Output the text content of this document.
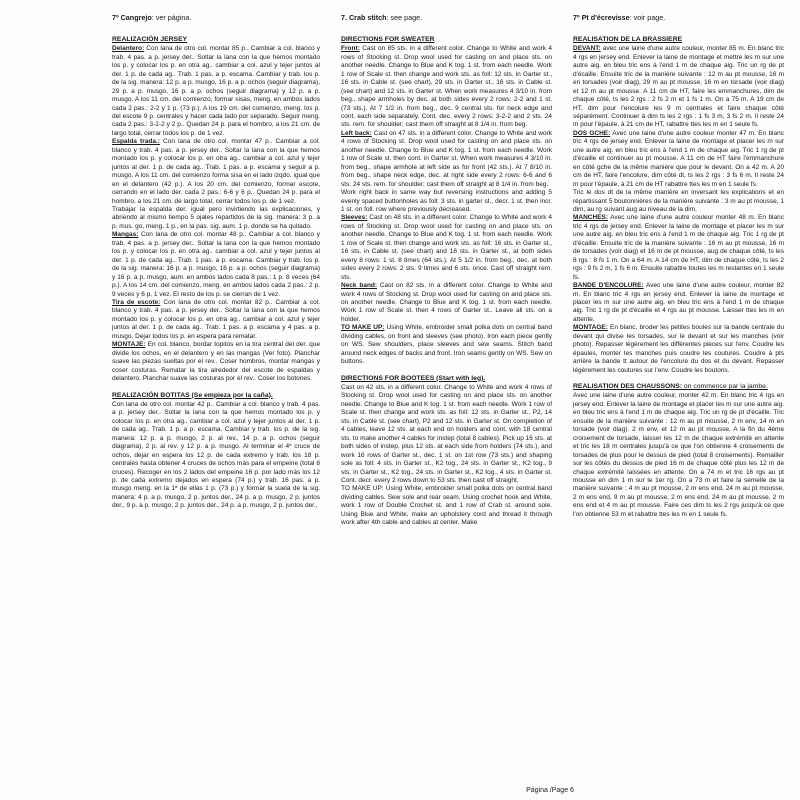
7º Cangrejo: ver página.

REALIZACIÓN JERSEY

Delantero: Con lana de otro col. montar 85 p.. Cambiar a col. blanco y trab. 4 pas. a p. jersey der.. Soltar la lana con la que hemos montado los p. y colocar los p. en otra ag.. cambiar a col. azul y tejer juntos al der. 1 p. de cada ag.. Trab. 1 pas. a p. escama. Cambiar y trab. los p. de la sig. manera: 12 p. a p. musgo, 16 p. a p. ochos (seguir diagrama), 29 p. a p. musgo, 16 p. a p. ochos (seguir diagrama) y 12 p. a p. musgo. A los 11 cm. del comienzo, formar sisas, meng. en ambos lados cada 2 pas.: 2-2 y 1 p. (73 p.). A los 19 cm. del comienzo, meng. los p. del escote 9 p. centrales y hacer cada lado por separado. Seguir meng. cada 2 pas.: 3-2-2 y 2 p.. Quedan 24 p. para el hombro, a los 21 cm. de largo total, cerrar todos los p. de 1 vez.

Espalda trada.: Con lana de otro col. montar 47 p.. Cambiar a col. blanco y trab. 4 pas. a p. jersey der.. Soltar la lana con la que hemos montado los p. y colocar los p. en otra ag.. cambiar a col. azul y tejer juntos al der. 1 p. de cada ag.. Trab. 1 pas. a p. escama y seguir a p. musgo. A los 11 cm. del comienzo forma sisa en el lado izqdo. igual que en el delantero (42 p.). A los 20 cm. del comienzo, formar escote, cerrando en el lado der. cada 2 pas.: 6-6 y 6 p.. Quedan 24 p. para el hombro, a los 21 cm. de largo total, cerrar todos los p. de 1 vez.

Trabajar la espalda der. igual pero invirtiendo las explicaciones, y abriendo al mismo tiempo 5 ojales repartidos de la sig. manera: 3 p. a p. mus. go, meng. 1 p., en la pas. sig. aum. 1 p. donde se ha quitado.

Mangas: Con lana de otro col. montar 48 p.. Cambiar a col. blanco y trab. 4 pas. a p. jersey der.. Soltar la lana con la que hemos montado los p. y colocar los p. en otra ag.. cambiar a col. azul y tejer juntos al der. 1 p. de cada ag.. Trab. 1 pas. a p. escama. Cambiar y trab. los p. de la sig. manera: 16 p. a p. musgo, 16 p. a p. ochos (seguir diagrama) y 16 p. a p. musgo, aum. en ambos lados cada 8 pas.: 1 p. 8 veces (64 p.). A los 14 cm. del comienzo, meng. en ambos lados cada 2 pas.: 2 p. 9 veces y 6 p. 1 vez. El resto de los p. se cierran de 1 vez.

Tira de escote: Con lana de otro col. montar 82 p.. Cambiar a col. blanco y trab. 4 pas. a p. jersey der.. Soltar la lana con la que hemos montado los p. y colocar los p. en otra ag.. cambiar a col. azul y tejer juntos al der. 1 p. de cada ag.. Trab. 1 pas. a p. escama y 4 pas. a p. musgo. Dejar todos los p. en espera para rematar.

MONTAJE: En col. blanco, bordar topitos en la tira central del der. que divide los ochos, en el delantero y en las mangas (Ver foto). Planchar suave las piezas sueltas por el rev.. Coser hombros, montar mangas y coser costuras. Rematar la tira alrededor del escote de espaldas y delantero. Planchar suave las costuras por el rev.. Coser los botones.

REALIZACIÓN BOTITAS (Se empieza por la caña).

Con lana de otro col. montar 42 p.. Cambiar a col. blanco y trab. 4 pas. a p. jersey der.. Soltar la lana con la que hemos montado los p. y colocar los p. en otra ag.. cambiar a col. azul y tejer juntos al der. 1 p. de cada ag.. Trab. 1 p. a p. escama. Cambiar y trab. los p. de la sig. manera: 12 p. a p. musgo, 2 p. al rev., 14 p. a p. ochos (seguir diagrama), 2 p. al rev. y 12 p. a p. musgo. Al terminar el 4º cruce de ochos, dejar en espera los 12 p. de cada extremo y trab. los 18 p. centrales hasta obtener 4 cruces de ochos más para el empeine (total 8 cruces). Recoger en los 2 lados del empeine 16 p. por lado más los 12 p. de cada extremo dejados en espera (74 p.) y trab. 16 pas. a p. musgo meng. en la 1ª de ellas 1 p. (73 p.) y formar la suela de la sig. manera: 4 p. a p. musgo, 2 p. juntos der., 24 p. a p. musgo, 2 p. juntos der., 9 p. a p. musgo, 2 p. juntos der., 24 p. a p. musgo, 2 p. juntos der.,

7. Crab stitch: see page.

DIRECTIONS FOR SWEATER

Front: Cast on 85 sts. in a different color. Change to White and work 4 rows of Stocking st. Drop wool used for casting on and place sts. on another needle. Change to Blue and K tog. 1 st. from each needle. Work 1 row of Scale st. then change and work sts. as foll: 12 sts. in Garter st., 16 sts. in Cable st. (see chart), 29 sts. in Garter st., 16 sts. in Cable st. (see chart) and 12 sts. in Garter st. When work measures 4 3/10 in. from beg., shape armholes by dec. at both sides every 2 rows: 2-2 and 1 st. (73 sts.). At 7 1/2 in. from beg., dec. 9 central sts. for neck edge and cont. each side separately. Cont. dec. every 2 rows: 3-2-2 and 2 sts. 24 sts. rem. for shoulder; cast them off straight at 8 1/4 in. from beg.

Left back: Cast on 47 sts. in a different color. Change to White and work 4 rows of Stocking st. Drop wool used for casting on and place sts. on another needle. Change to Blue and K tog. 1 st. from each needle. Work 1 row of Scale st. then cont. in Garter st. When work measures 4 3/10 in. from beg., shape armhole at left side as for front (42 sts.). At 7 8/10 in. from beg., shape neck edge, dec. at right side every 2 rows: 6-6 and 6 sts. 24 sts. rem. for shoulder; cast them off straight at 8 1/4 in. from beg.

Work right back in same way but reversing instructions and adding 5 evenly spaced buttonholes as foll: 3 sts. in garter st., decr. 1 st. then incr. 1 st. on foll. row where previously decreased.

Sleeves: Cast on 48 sts. in a different color. Change to White and work 4 rows of Stocking st. Drop wool used for casting on and place sts. on another needle. Change to Blue and K tog. 1 st. from each needle. Work 1 row of Scale st. then change and work sts. as foll: 16 sts. in Garter st., 16 sts. in Cable st. (see chart) and 16 sts. in Garter st., at both sides every 8 rows: 1 st. 8 times (64 sts.). At 5 1/2 in. from beg., dec. at both sides every 2 rows: 2 sts. 9 times and 6 sts. once. Cast off straight rem. sts.

Neck band: Cast on 82 sts. in a different color. Change to White and work 4 rows of Stocking st. Drop wool used for casting on and place sts. on another needle. Change to Blue and K tog. 1 st. from each needle. Work 1 row of Scale st. then 4 rows of Garter st.. Leave all sts. on a holder.

TO MAKE UP: Using White, embroider small polka dots on central band dividing cables, on front and sleeves (see photo). Iron each piece gently on WS. Sew shoulders, place sleeves and sew seams. Stitch band around neck edges of backs and front. Iron seams gently on WS. Sew on buttons.

DIRECTIONS FOR BOOTEES (Start with leg).

Cast on 42 sts. in a different color. Change to White and work 4 rows of Stocking st. Drop wool used for casting on and place sts. on another needle. Change to Blue and K tog. 1 st. from each needle. Work 1 row of Scale st. then change and work sts. as foll: 12 sts. in Garter st., P2, 14 sts. in Cable st. (see chart), P2 and 12 sts. in Garter st. On completion of 4 cables, leave 12 sts. at each end on holders and cont. with 18 central sts. to make another 4 cables for instep (total 8 cables). Pick up 16 sts. at both sides of instep, plus 12 sts. at each side from holders (74 sts.), and work 16 rows of Garter st., dec. 1 st. on 1st row (73 sts.) and shaping sole as foll: 4 sts. in Garter st., K2 tog., 24 sts. in Garter st., K2 tog., 9 sts. in Garter st., K2 tog., 24 sts. in Garter st., K2 tog., 4 sts. in Garter st. Cont. decr. every 2 rows down to 53 sts. then cast off straight.

TO MAKE UP: Using White, embroider small polka dots on central band dividing cables. Sew sole and rear seam. Using crochet hook and White, work 1 row of Double Crochet st. and 1 row of Crab st. around sole. Using Blue and White, make an upholstery cord and thread it through work after 4th cable and cables at center. Make

7º Pt d'écrevisse: voir page.

REALISATION DE LA BRASSIERE

DEVANT: avec une laine d'une autre couleur, monter 85 m. En blanc tric 4 rgs en jersey end. Enlever la laine de montage et mettre les m sur une autre aig. en bleu tric ens à l'end 1 m de chaque aig. Tric un rg de pt d'écaille. Ensuite tric de la manière suivante : 12 m au pt mousse, 16 m en torsades (voir diag), 29 m au pt mousse, 16 m en torsade (voir diag) et 12 m au pt mousse. A 11 cm de HT, faire les emmanchures, dim de chaque côté, ts les 2 rgs : 2 fs 2 m et 1 fs 1 m. On a 75 m. A 19 cm de HT, dim pour l'encolure les 9 m centrales et faire chaque côté séparément. Continuer à dim ts les 2 rgs : 1 fs 3 m, 3 fs 2 m. Il reste 24 m pour l'épaule, à 21 cm de HT, rabattre ttes les m en 1 seule fs.

DOS GCHE: Avec une laine d'une autre couleur monter 47 m. En blanc tric 4 rgs de jersey end. Enlever la laine de montage et placer les m sur une autre aig. en bleu tric ens à l'end 1 m de chaque aig. Tric 1 rg de pt d'écaille et continuer au pt mousse. A 11 cm de HT faire l'emmanchure en côté gche de la même manière que pour le devant. On a 42 m. A 20 cm de HT, faire l'encolure, dim côté dt, ts les 2 rgs : 3 fs 6 m. Il reste 24 m pour l'épaule, à 21 cm de HT rabattre ttes les m en 1 seule fs.

Tric le dos dt de la même manière en inversant les explications et en répartissant 5 boutonnières de la manière suivante : 3 m au pt mousse, 1 dim, au rg suivant aug au niveau de la dim.

MANCHES: Avec une laine d'une autre couleur monter 48 m. En blanc tric 4 rgs de jersey end. Enlever la laine de montage et placer les m sur une autre aig. en bleu tric ens à l'end 1 m de chaque aig. Tric 1 rg de pt d'écaille. Ensuite tric de la manière suivante : 16 m au pt mousse, 16 m de torsades (voir diag) et 16 m de pt mousse, aug de chaque côté, ts les 8 rgs : 8 fs 1 m. On a 64 m. A 14 cm de HT, dim de chaque côté, ts les 2 rgs : 9 fs 2 m, 1 fs 6 m. Ensuite rabattre toutes les m restantes en 1 seule fs.

BANDE D'ENCOLURE: Avec une laine d'une autre couleur, monter 82 m. En blanc tric 4 rgs en jersey end. Enlever la laine de montage et placer les m sur une autre aig. en bleu tric ens à l'end 1 m de chaque aig. Tric 1 rg de pt d'écaille et 4 rgs au pt mousse. Laisser ttes les m en attente.

MONTAGE: En blanc, broder les petites boules sur la bande centrale du devant qui divise les torsades, sur le devant et sur les manches (voir photo). Repasser légèrement les différentes pièces sur l'env. Coudre les épaules, monter les manches puis coudre les coutures. Coudre à pts arrière la bande tt autour de l'encolure du dos et du devant. Repasser légèrement les coutures sur l'env. Coudre les boutons.

REALISATION DES CHAUSSONS: on commence par la jambe.

Avec une laine d'une autre couleur, monter 42 m. En blanc tric 4 rgs en jersey end. Enlever la laine de montage et placer les m sur une autre aig. en bleu tric ens à l'end 1 m de chaque aig. Tric un rg de pt d'écaille. Tric ensuite de la manière suivante : 12 m au pt mousse, 2 m env, 14 m en torsade (voir diag). 2 m env, et 12 m au pt mousse. A la fin du 4ème croisement de torsade, laisser les 12 m de chaque extrémité en attente et tric les 18 m centrales jusqu'à ce que l'on obtienne 4 croisements de torsades de plus pour le dessus de pied (total 8 croisements). Remailler sur les côtés du dessus de pied 16 m de chaque côté plus les 12 m de chaque extrémité laissées en attente. On a 74 m et tric 16 rgs au pt mousse en dim 1 m sur le 1er rg. On a 73 m et faire la semelle de la manière suivante : 4 m au pt mousse, 2 m ens end, 24 m au pt mousse, 2 m ens end, 9 m au pt mousse, 2 m ens end, 24 m au pt mousse, 2 m ens end et 4 m au pt mousse. Faire ces dim ts les 2 rgs jusqu'à ce que l'on obtienne 53 m et rabattre ttes les m en 1 seule fs.

Página /Page 6
